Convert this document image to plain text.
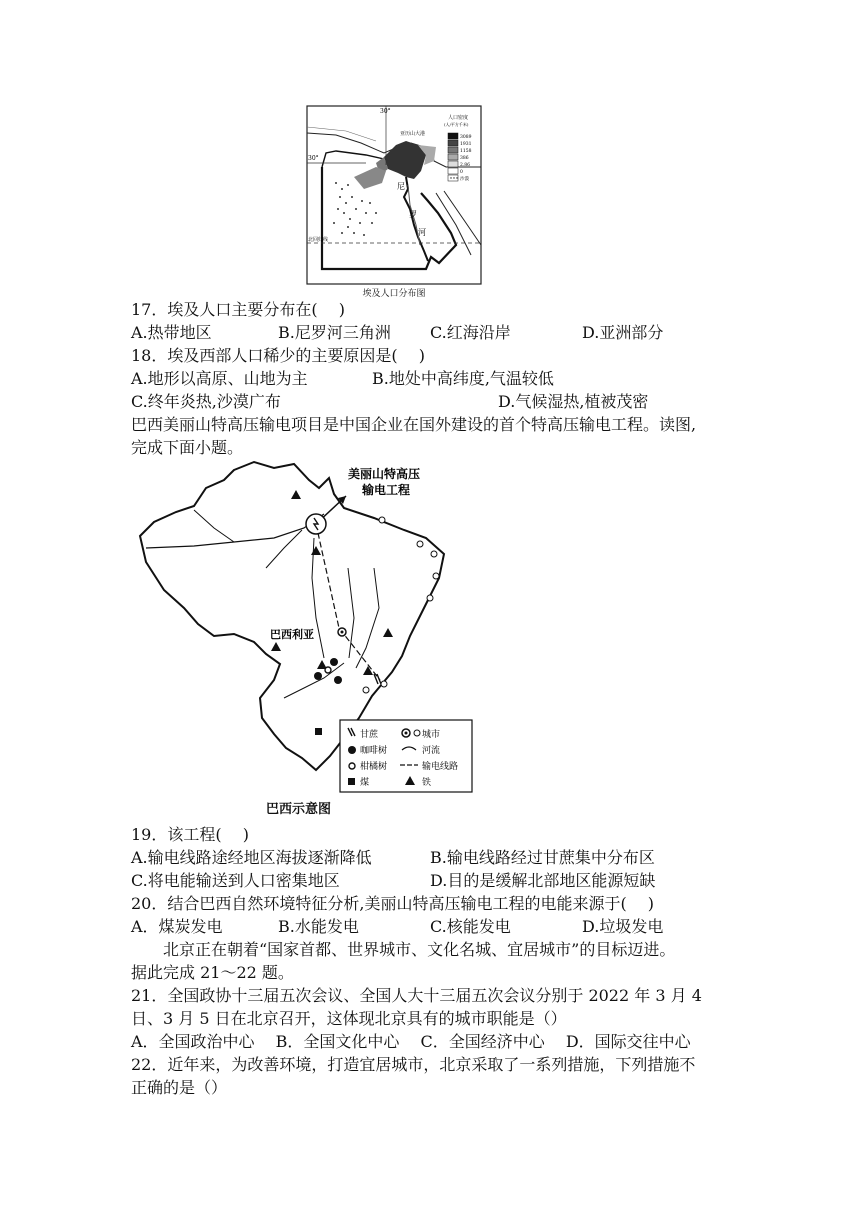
30°
30°
亚历山大港
尼
罗
河
北回归线
人口密度
(人/平方千米)
3089
1931
1158
386
2.86
0
沙漠
埃及人口分布图
17．埃及人口主要分布在(　 )
A.热带地区	B.尼罗河三角洲 C.红海沿岸	D.亚洲部分
18．埃及西部人口稀少的主要原因是(　 )
A.地形以高原、山地为主	B.地处中高纬度,气温较低
C.终年炎热,沙漠广布	D.气候湿热,植被茂密
巴西美丽山特高压输电项目是中国企业在国外建设的首个特高压输电工程。读图,
完成下面小题。
美丽山特高压
输电工程
巴西利亚
甘蔗	城市
咖啡树	河流
柑橘树	输电线路
煤	铁
巴西示意图
19．该工程(　 )
A.输电线路途经地区海拔逐渐降低	B.输电线路经过甘蔗集中分布区
C.将电能输送到人口密集地区	D.目的是缓解北部地区能源短缺
20．结合巴西自然环境特征分析,美丽山特高压输电工程的电能来源于(　 )
A．煤炭发电	B.水能发电	C.核能发电	D.垃圾发电
　　北京正在朝着“国家首都、世界城市、文化名城、宜居城市”的目标迈进。
据此完成 21～22 题。
21．全国政协十三届五次会议、全国人大十三届五次会议分别于 2022 年 3 月 4
日、3 月 5 日在北京召开，这体现北京具有的城市职能是（）
A．全国政治中心　 B．全国文化中心　 C．全国经济中心　 D．国际交往中心
22．近年来，为改善环境，打造宜居城市，北京采取了一系列措施，下列措施不
正确的是（）
